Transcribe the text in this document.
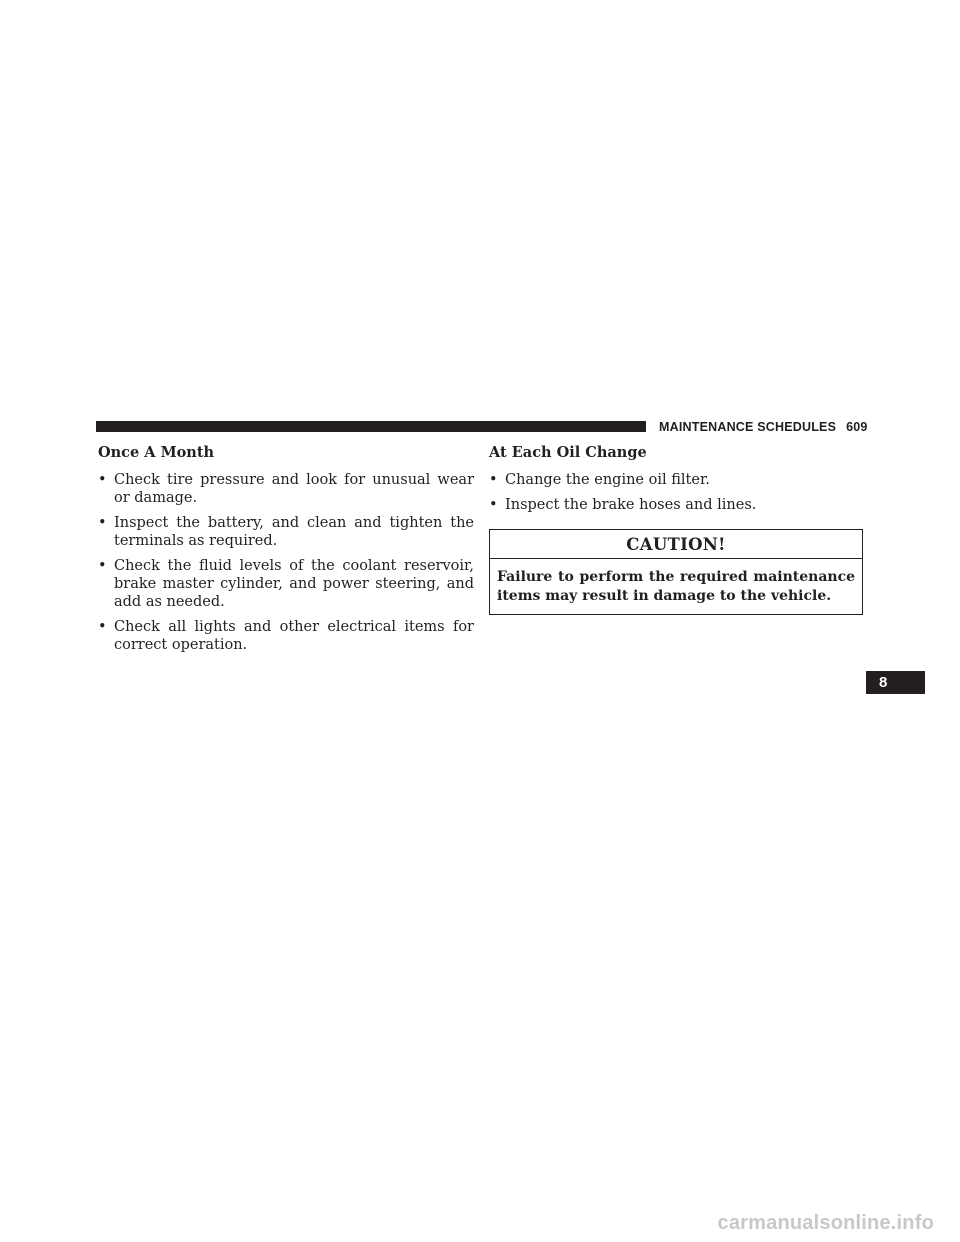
MAINTENANCE SCHEDULES 609
Once A Month
• Check tire pressure and look for unusual wear or damage.
• Inspect the battery, and clean and tighten the terminals as required.
• Check the fluid levels of the coolant reservoir, brake master cylinder, and power steering, and add as needed.
• Check all lights and other electrical items for correct operation.
At Each Oil Change
• Change the engine oil filter.
• Inspect the brake hoses and lines.
CAUTION!
Failure to perform the required maintenance items may result in damage to the vehicle.
8
carmanualsonline.info
